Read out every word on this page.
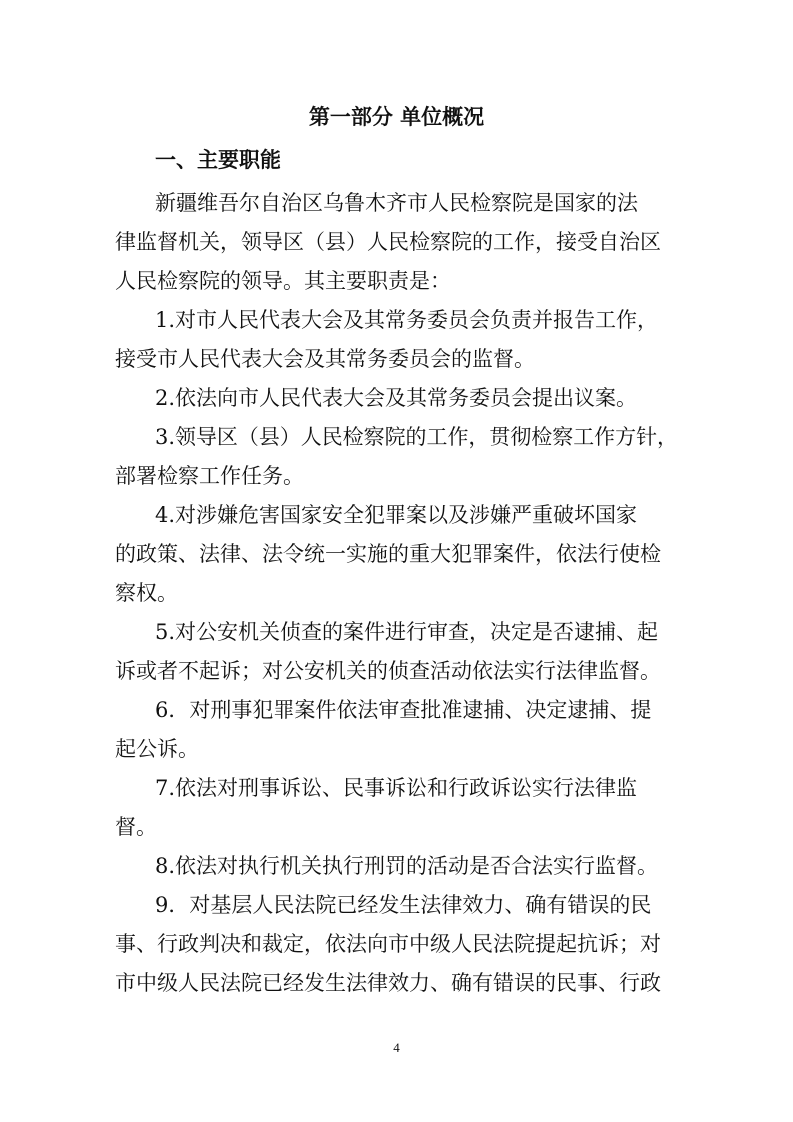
第一部分 单位概况

一、主要职能

新疆维吾尔自治区乌鲁木齐市人民检察院是国家的法

律监督机关，领导区（县）人民检察院的工作，接受自治区

人民检察院的领导。其主要职责是：

1.对市人民代表大会及其常务委员会负责并报告工作，

接受市人民代表大会及其常务委员会的监督。

2.依法向市人民代表大会及其常务委员会提出议案。

3.领导区（县）人民检察院的工作，贯彻检察工作方针，

部署检察工作任务。

4.对涉嫌危害国家安全犯罪案以及涉嫌严重破坏国家

的政策、法律、法令统一实施的重大犯罪案件，依法行使检

察权。

5.对公安机关侦查的案件进行审查，决定是否逮捕、起

诉或者不起诉；对公安机关的侦查活动依法实行法律监督。

6．对刑事犯罪案件依法审查批准逮捕、决定逮捕、提

起公诉。

7.依法对刑事诉讼、民事诉讼和行政诉讼实行法律监

督。

8.依法对执行机关执行刑罚的活动是否合法实行监督。

9．对基层人民法院已经发生法律效力、确有错误的民

事、行政判决和裁定，依法向市中级人民法院提起抗诉；对

市中级人民法院已经发生法律效力、确有错误的民事、行政

4
